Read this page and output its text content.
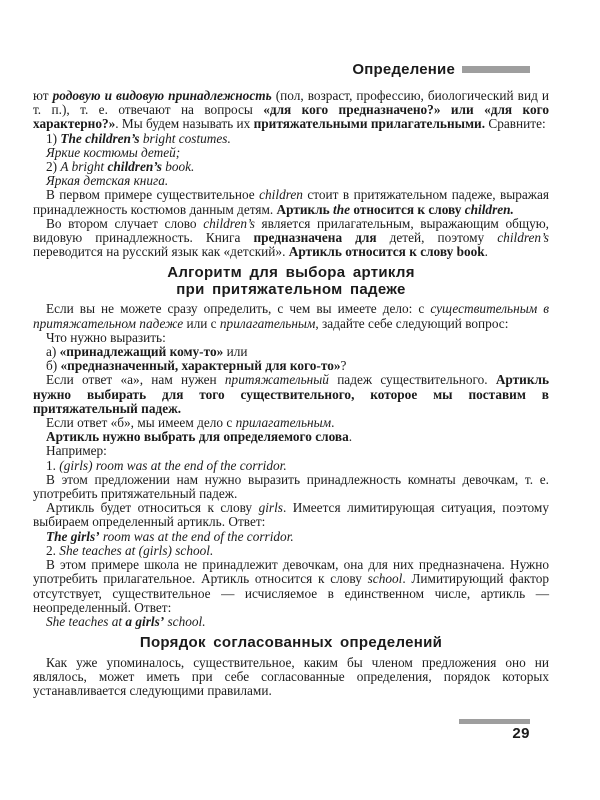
Определение
ют родовую и видовую принадлежность (пол, возраст, профессию, биологический вид и т. п.), т. е. отвечают на вопросы «для кого предназначено?» или «для кого характерно?». Мы будем называть их притяжательными прилагательными. Сравните:
1) The children’s bright costumes.
Яркие костюмы детей;
2) A bright children’s book.
Яркая детская книга.
В первом примере существительное children стоит в притяжательном падеже, выражая принадлежность костюмов данным детям. Артикль the относится к слову children.
Во втором случает слово children’s является прилагательным, выражающим общую, видовую принадлежность. Книга предназначена для детей, поэтому children’s переводится на русский язык как «детский». Артикль относится к слову book.
Алгоритм для выбора артикля
при притяжательном падеже
Если вы не можете сразу определить, с чем вы имеете дело: с существительным в притяжательном падеже или с прилагательным, задайте себе следующий вопрос:
Что нужно выразить:
а) «принадлежащий кому-то» или
б) «предназначенный, характерный для кого-то»?
Если ответ «а», нам нужен притяжательный падеж существительного. Артикль нужно выбирать для того существительного, которое мы поставим в притяжательный падеж.
Если ответ «б», мы имеем дело с прилагательным.
Артикль нужно выбрать для определяемого слова.
Например:
1. (girls) room was at the end of the corridor.
В этом предложении нам нужно выразить принадлежность комнаты девочкам, т. е. употребить притяжательный падеж.
Артикль будет относиться к слову girls. Имеется лимитирующая ситуация, поэтому выбираем определенный артикль. Ответ:
The girls’ room was at the end of the corridor.
2. She teaches at (girls) school.
В этом примере школа не принадлежит девочкам, она для них предназначена. Нужно употребить прилагательное. Артикль относится к слову school. Лимитирующий фактор отсутствует, существительное — исчисляемое в единственном числе, артикль — неопределенный. Ответ:
She teaches at a girls’ school.
Порядок согласованных определений
Как уже упоминалось, существительное, каким бы членом предложения оно ни являлось, может иметь при себе согласованные определения, порядок которых устанавливается следующими правилами.
29
